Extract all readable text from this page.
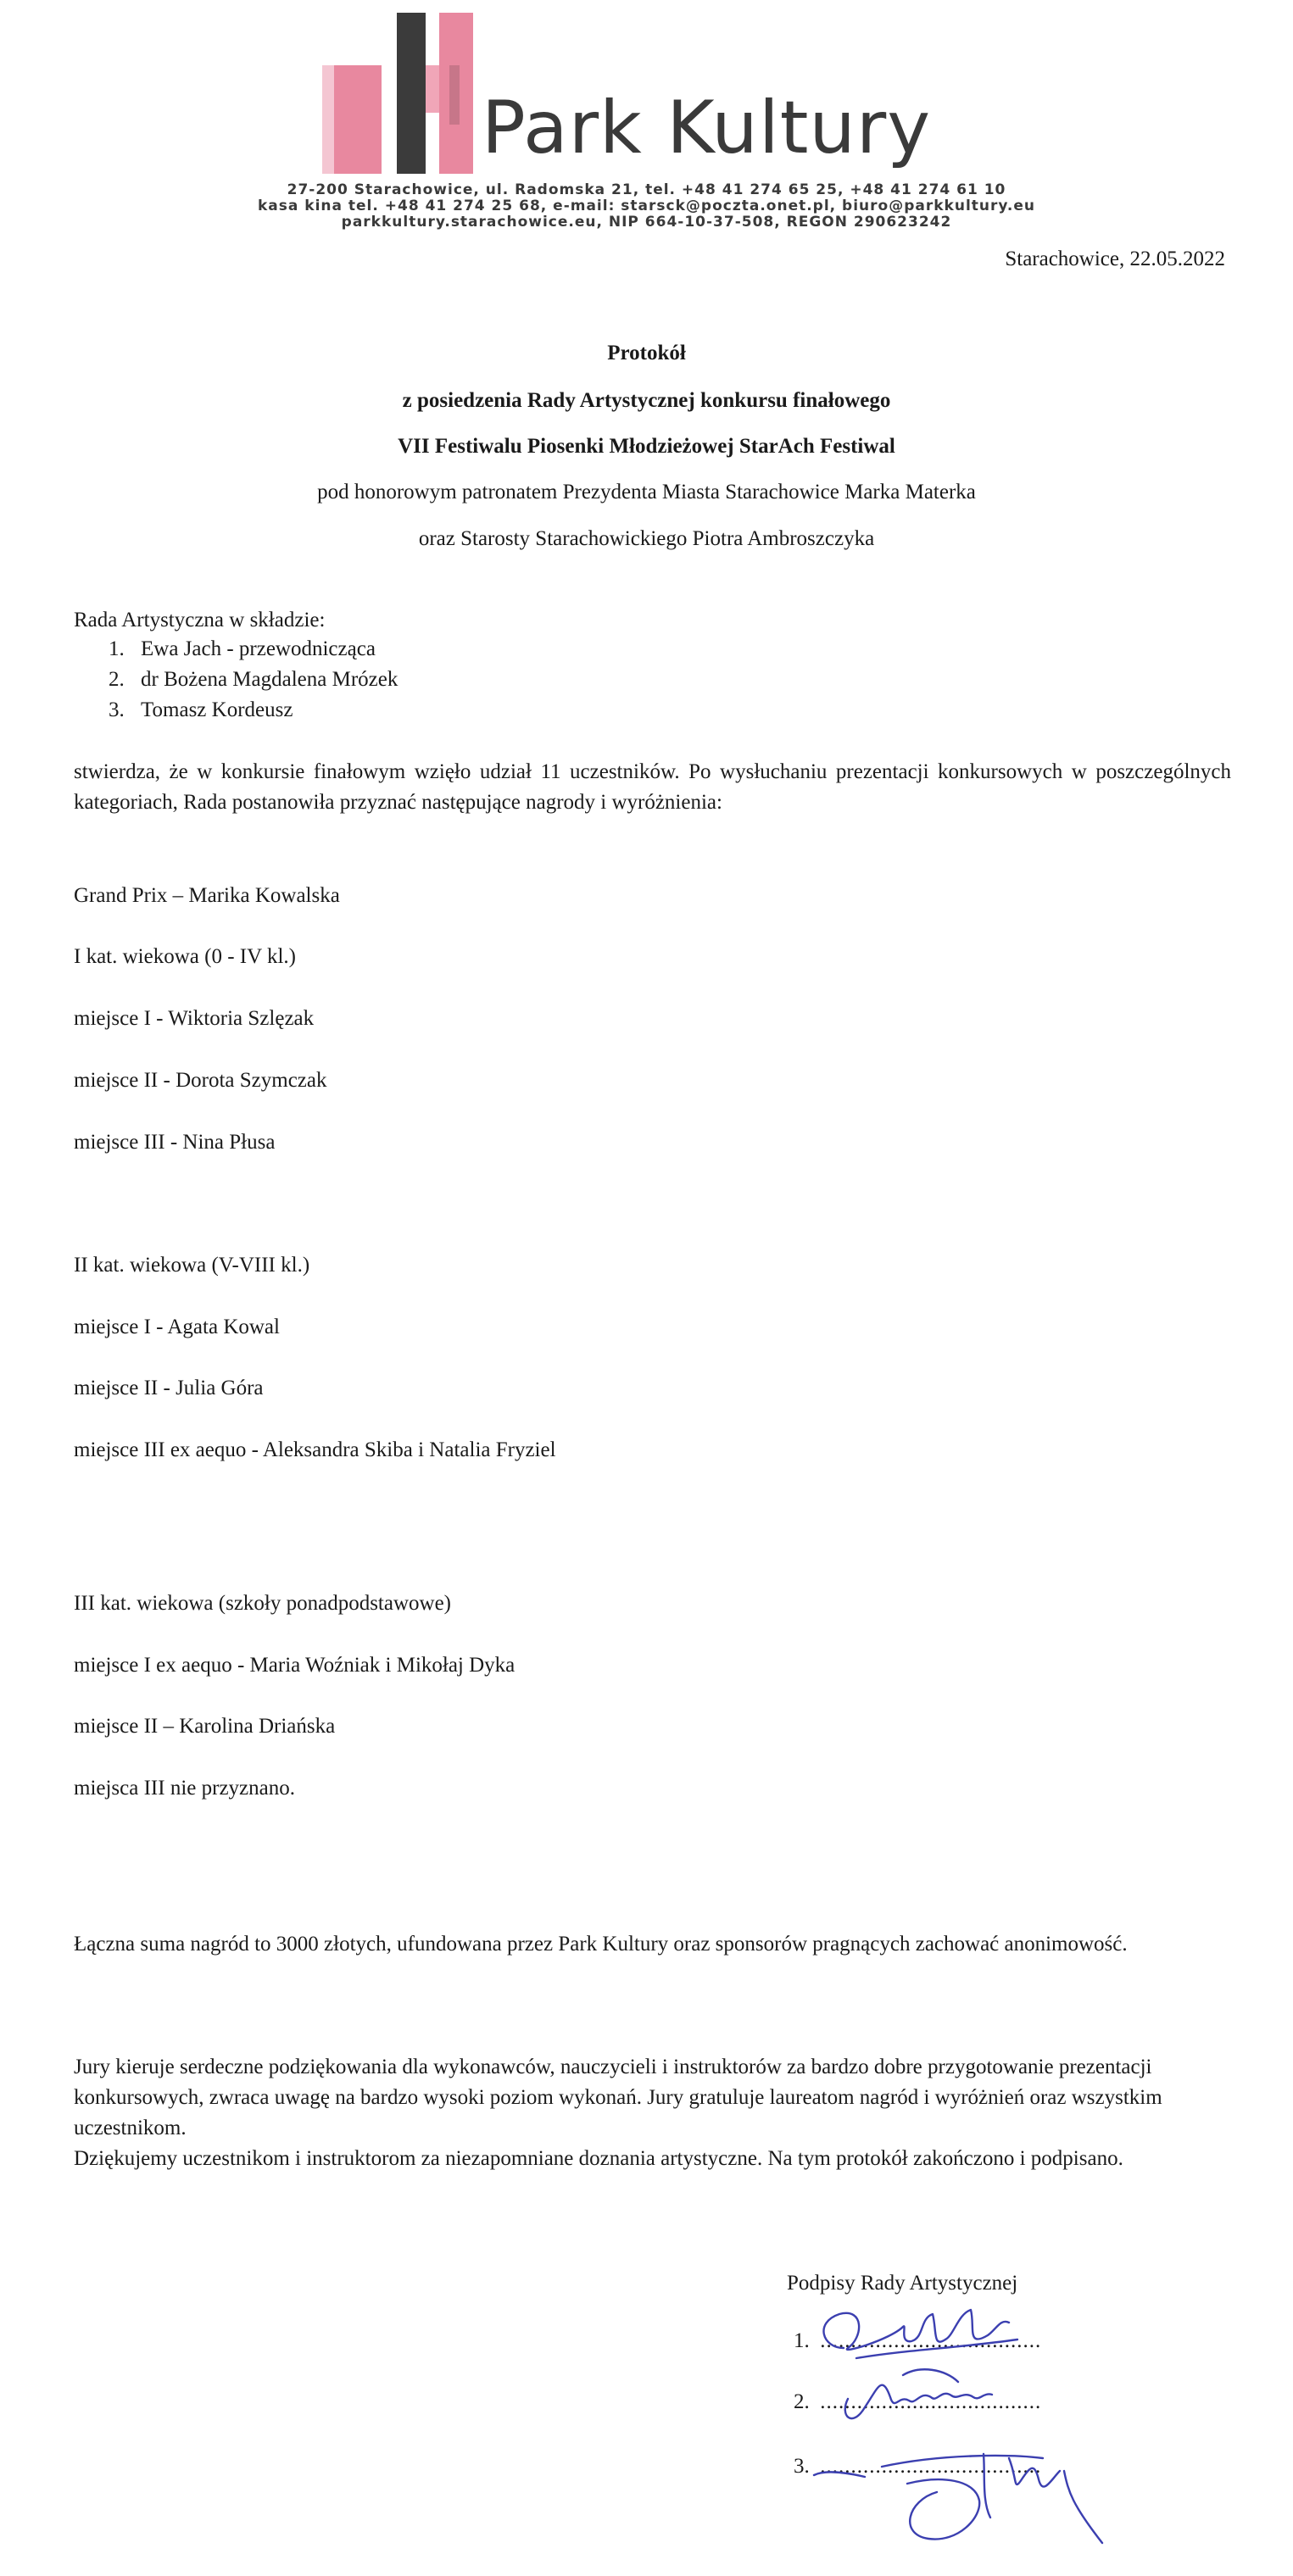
Park Kultury
27-200 Starachowice, ul. Radomska 21, tel. +48 41 274 65 25, +48 41 274 61 10
kasa kina tel. +48 41 274 25 68, e-mail: starsck@poczta.onet.pl, biuro@parkkultury.eu
parkkultury.starachowice.eu, NIP 664-10-37-508, REGON 290623242
Starachowice, 22.05.2022
Protokół
z posiedzenia Rady Artystycznej konkursu finałowego
VII Festiwalu Piosenki Młodzieżowej StarAch Festiwal
pod honorowym patronatem Prezydenta Miasta Starachowice Marka Materka
oraz Starosty Starachowickiego Piotra Ambroszczyka
Rada Artystyczna w składzie:
1. Ewa Jach - przewodnicząca
2. dr Bożena Magdalena Mrózek
3. Tomasz Kordeusz
stwierdza, że w konkursie finałowym wzięło udział 11 uczestników. Po wysłuchaniu prezentacji konkursowych w poszczególnych kategoriach, Rada postanowiła przyznać następujące nagrody i wyróżnienia:
Grand Prix – Marika Kowalska
I kat. wiekowa (0 - IV kl.)
miejsce I - Wiktoria Szlęzak
miejsce II - Dorota Szymczak
miejsce III - Nina Płusa
II kat. wiekowa (V-VIII kl.)
miejsce I - Agata Kowal
miejsce II - Julia Góra
miejsce III ex aequo - Aleksandra Skiba i Natalia Fryziel
III kat. wiekowa (szkoły ponadpodstawowe)
miejsce I ex aequo - Maria Woźniak i Mikołaj Dyka
miejsce II – Karolina Driańska
miejsca III nie przyznano.
Łączna suma nagród to 3000 złotych, ufundowana przez Park Kultury oraz sponsorów pragnących zachować anonimowość.
Jury kieruje serdeczne podziękowania dla wykonawców, nauczycieli i instruktorów za bardzo dobre przygotowanie prezentacji konkursowych, zwraca uwagę na bardzo wysoki poziom wykonań. Jury gratuluje laureatom nagród i wyróżnień oraz wszystkim uczestnikom.
Dziękujemy uczestnikom i instruktorom za niezapomniane doznania artystyczne. Na tym protokół zakończono i podpisano.
Podpisy Rady Artystycznej
1. ....................................
2. ....................................
3. ....................................
